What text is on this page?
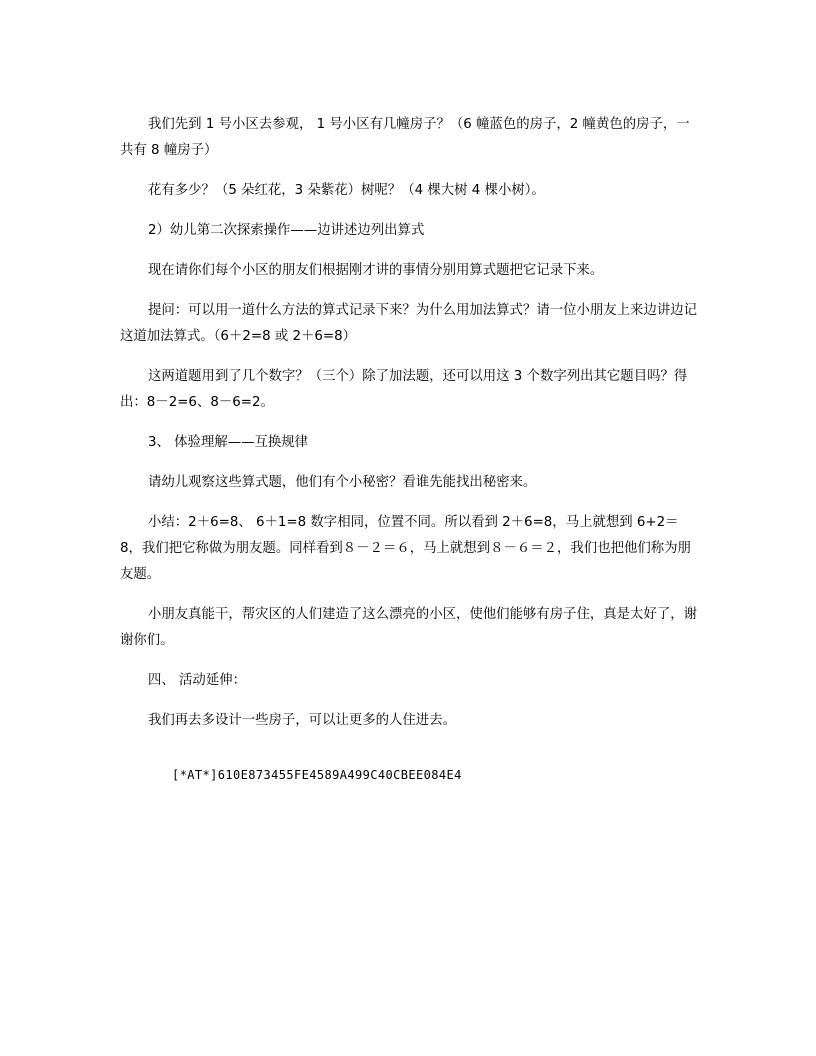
我们先到 1 号小区去参观， 1 号小区有几幢房子？（6 幢蓝色的房子，2 幢黄色的房子，一共有 8 幢房子）

花有多少？（5 朵红花，3 朵紫花）树呢？（4 棵大树 4 棵小树）。

2）幼儿第二次探索操作——边讲述边列出算式

现在请你们每个小区的朋友们根据刚才讲的事情分别用算式题把它记录下来。

提问：可以用一道什么方法的算式记录下来？为什么用加法算式？请一位小朋友上来边讲边记这道加法算式。（6＋2=8 或 2＋6=8）

这两道题用到了几个数字？（三个）除了加法题，还可以用这 3 个数字列出其它题目吗？得出：8－2=6、8－6=2。

3、 体验理解——互换规律

请幼儿观察这些算式题，他们有个小秘密？看谁先能找出秘密来。

小结：2＋6=8、 6＋1=8 数字相同，位置不同。所以看到 2＋6=8，马上就想到 6+2＝8，我们把它称做为朋友题。同样看到８－２＝６，马上就想到８－６＝２，我们也把他们称为朋友题。

小朋友真能干，帮灾区的人们建造了这么漂亮的小区，使他们能够有房子住，真是太好了，谢谢你们。

四、 活动延伸：

我们再去多设计一些房子，可以让更多的人住进去。

[*AT*]610E873455FE4589A499C40CBEE084E4
